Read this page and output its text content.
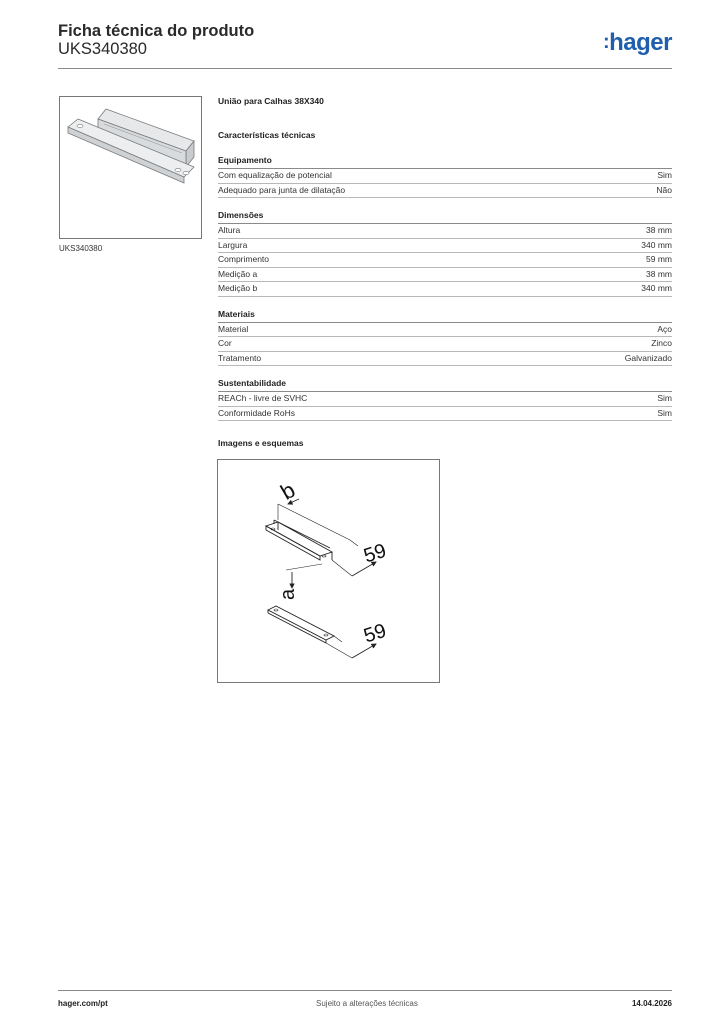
Ficha técnica do produto
UKS340380	:hager
UKS340380
União para Calhas 38X340
Características técnicas
Equipamento
Com equalização de potencial	Sim
Adequado para junta de dilatação	Não
Dimensões
Altura	38 mm
Largura	340 mm
Comprimento	59 mm
Medição a	38 mm
Medição b	340 mm
Materiais
Material	Aço
Cor	Zinco
Tratamento	Galvanizado
Sustentabilidade
REACh - livre de SVHC	Sim
Conformidade RoHs	Sim
Imagens e esquemas
b
59
a
59
hager.com/pt	Sujeito a alterações técnicas	14.04.2026
